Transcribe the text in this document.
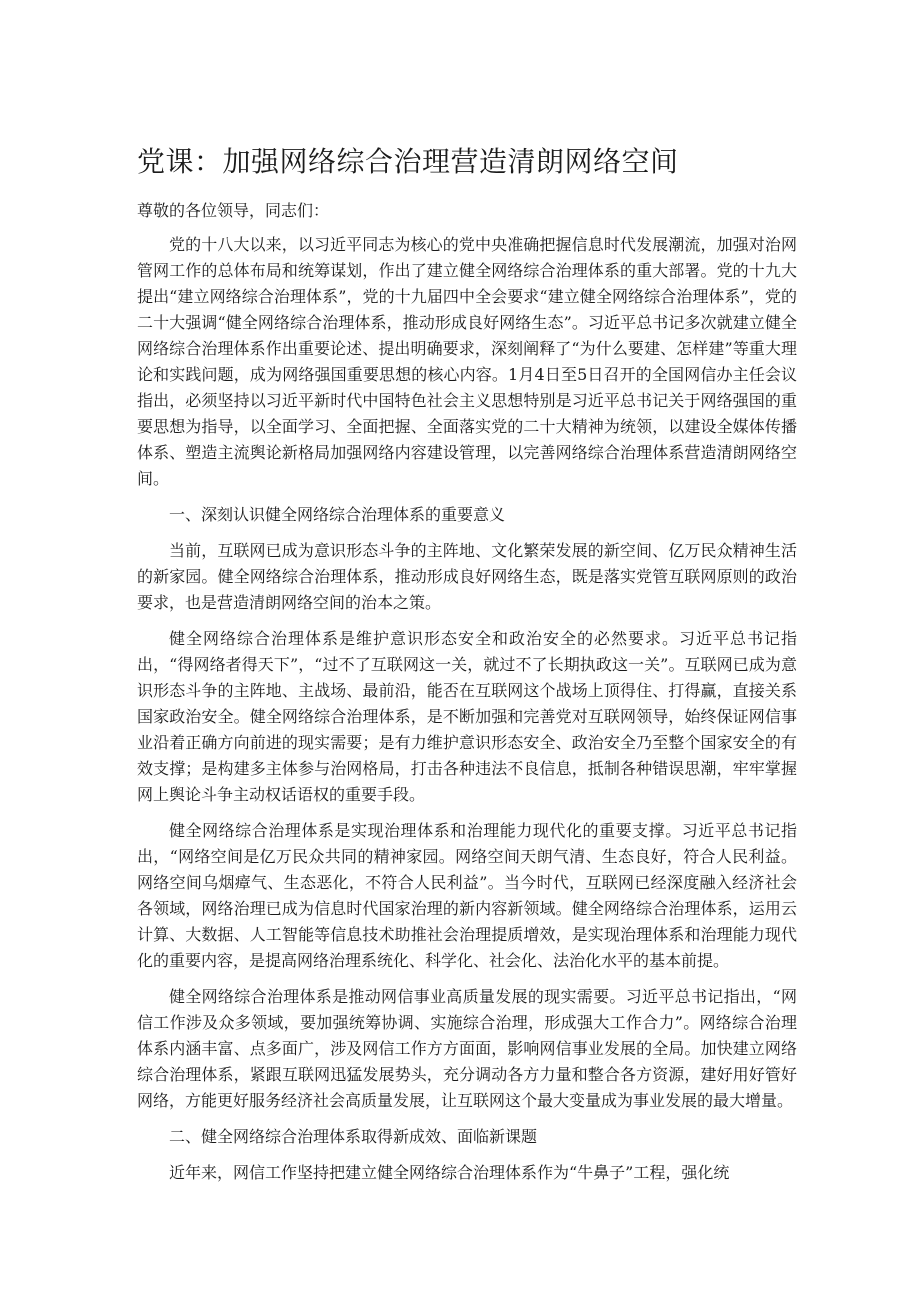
党课：加强网络综合治理营造清朗网络空间

尊敬的各位领导，同志们：

党的十八大以来，以习近平同志为核心的党中央准确把握信息时代发展潮流，加强对治网管网工作的总体布局和统筹谋划，作出了建立健全网络综合治理体系的重大部署。党的十九大提出“建立网络综合治理体系”，党的十九届四中全会要求“建立健全网络综合治理体系”，党的二十大强调“健全网络综合治理体系，推动形成良好网络生态”。习近平总书记多次就建立健全网络综合治理体系作出重要论述、提出明确要求，深刻阐释了“为什么要建、怎样建”等重大理论和实践问题，成为网络强国重要思想的核心内容。1月4日至5日召开的全国网信办主任会议指出，必须坚持以习近平新时代中国特色社会主义思想特别是习近平总书记关于网络强国的重要思想为指导，以全面学习、全面把握、全面落实党的二十大精神为统领，以建设全媒体传播体系、塑造主流舆论新格局加强网络内容建设管理，以完善网络综合治理体系营造清朗网络空间。

一、深刻认识健全网络综合治理体系的重要意义

当前，互联网已成为意识形态斗争的主阵地、文化繁荣发展的新空间、亿万民众精神生活的新家园。健全网络综合治理体系，推动形成良好网络生态，既是落实党管互联网原则的政治要求，也是营造清朗网络空间的治本之策。

健全网络综合治理体系是维护意识形态安全和政治安全的必然要求。习近平总书记指出，“得网络者得天下”，“过不了互联网这一关，就过不了长期执政这一关”。互联网已成为意识形态斗争的主阵地、主战场、最前沿，能否在互联网这个战场上顶得住、打得赢，直接关系国家政治安全。健全网络综合治理体系，是不断加强和完善党对互联网领导，始终保证网信事业沿着正确方向前进的现实需要；是有力维护意识形态安全、政治安全乃至整个国家安全的有效支撑；是构建多主体参与治网格局，打击各种违法不良信息，抵制各种错误思潮，牢牢掌握网上舆论斗争主动权话语权的重要手段。

健全网络综合治理体系是实现治理体系和治理能力现代化的重要支撑。习近平总书记指出，“网络空间是亿万民众共同的精神家园。网络空间天朗气清、生态良好，符合人民利益。网络空间乌烟瘴气、生态恶化，不符合人民利益”。当今时代，互联网已经深度融入经济社会各领域，网络治理已成为信息时代国家治理的新内容新领域。健全网络综合治理体系，运用云计算、大数据、人工智能等信息技术助推社会治理提质增效，是实现治理体系和治理能力现代化的重要内容，是提高网络治理系统化、科学化、社会化、法治化水平的基本前提。

健全网络综合治理体系是推动网信事业高质量发展的现实需要。习近平总书记指出，“网信工作涉及众多领域，要加强统筹协调、实施综合治理，形成强大工作合力”。网络综合治理体系内涵丰富、点多面广，涉及网信工作方方面面，影响网信事业发展的全局。加快建立网络综合治理体系，紧跟互联网迅猛发展势头，充分调动各方力量和整合各方资源，建好用好管好网络，方能更好服务经济社会高质量发展，让互联网这个最大变量成为事业发展的最大增量。

二、健全网络综合治理体系取得新成效、面临新课题

近年来，网信工作坚持把建立健全网络综合治理体系作为“牛鼻子”工程，强化统
